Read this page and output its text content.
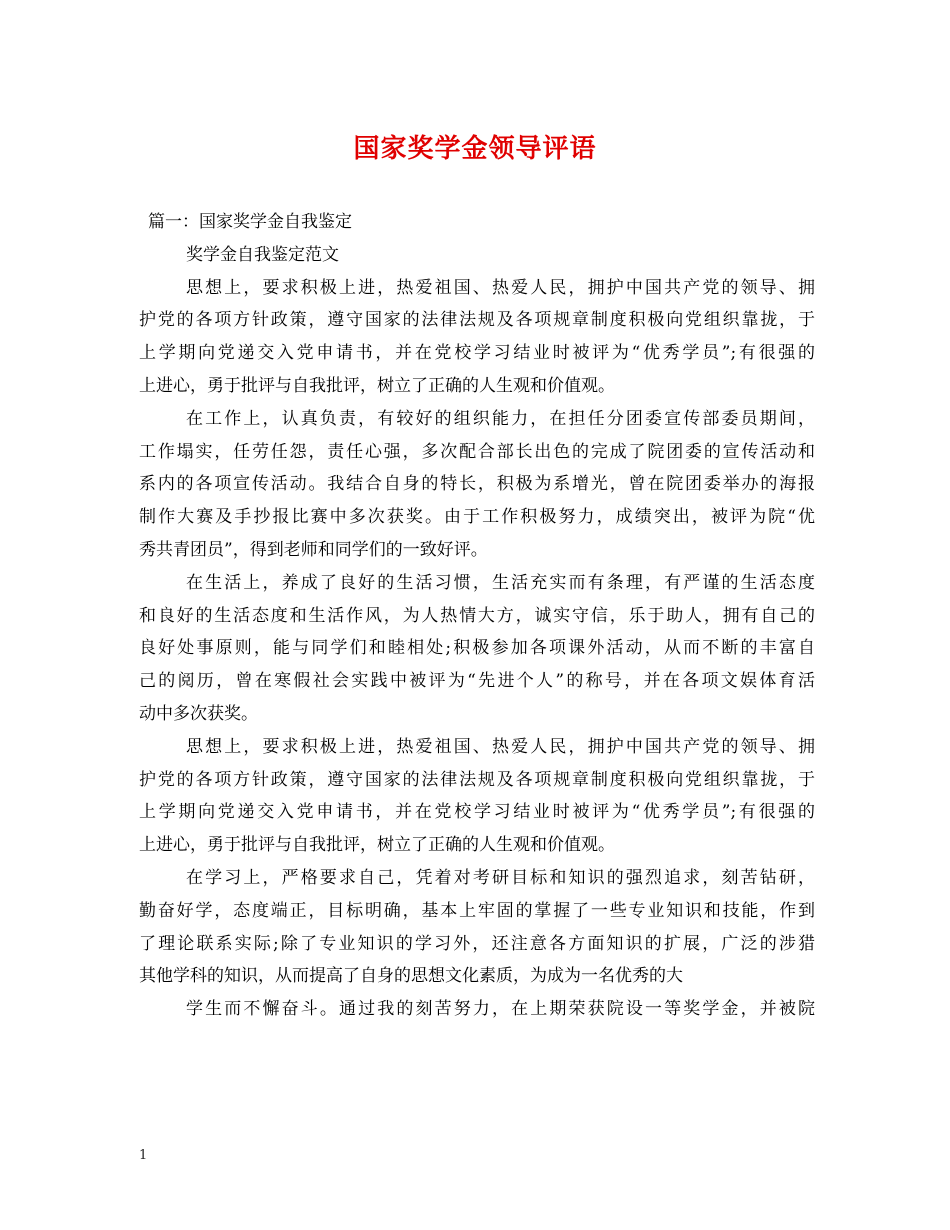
国家奖学金领导评语
篇一：国家奖学金自我鉴定
奖学金自我鉴定范文
思想上，要求积极上进，热爱祖国、热爱人民，拥护中国共产党的领导、拥
护党的各项方针政策，遵守国家的法律法规及各项规章制度积极向党组织靠拢，于
上学期向党递交入党申请书，并在党校学习结业时被评为“优秀学员”;有很强的
上进心，勇于批评与自我批评，树立了正确的人生观和价值观。
在工作上，认真负责，有较好的组织能力，在担任分团委宣传部委员期间，
工作塌实，任劳任怨，责任心强，多次配合部长出色的完成了院团委的宣传活动和
系内的各项宣传活动。我结合自身的特长，积极为系增光，曾在院团委举办的海报
制作大赛及手抄报比赛中多次获奖。由于工作积极努力，成绩突出，被评为院“优
秀共青团员”，得到老师和同学们的一致好评。
在生活上，养成了良好的生活习惯，生活充实而有条理，有严谨的生活态度
和良好的生活态度和生活作风，为人热情大方，诚实守信，乐于助人，拥有自己的
良好处事原则，能与同学们和睦相处;积极参加各项课外活动，从而不断的丰富自
己的阅历，曾在寒假社会实践中被评为“先进个人”的称号，并在各项文娱体育活
动中多次获奖。
思想上，要求积极上进，热爱祖国、热爱人民，拥护中国共产党的领导、拥
护党的各项方针政策，遵守国家的法律法规及各项规章制度积极向党组织靠拢，于
上学期向党递交入党申请书，并在党校学习结业时被评为“优秀学员”;有很强的
上进心，勇于批评与自我批评，树立了正确的人生观和价值观。
在学习上，严格要求自己，凭着对考研目标和知识的强烈追求，刻苦钻研，
勤奋好学，态度端正，目标明确，基本上牢固的掌握了一些专业知识和技能，作到
了理论联系实际;除了专业知识的学习外，还注意各方面知识的扩展，广泛的涉猎
其他学科的知识，从而提高了自身的思想文化素质，为成为一名优秀的大
学生而不懈奋斗。通过我的刻苦努力，在上期荣获院设一等奖学金，并被院
1
